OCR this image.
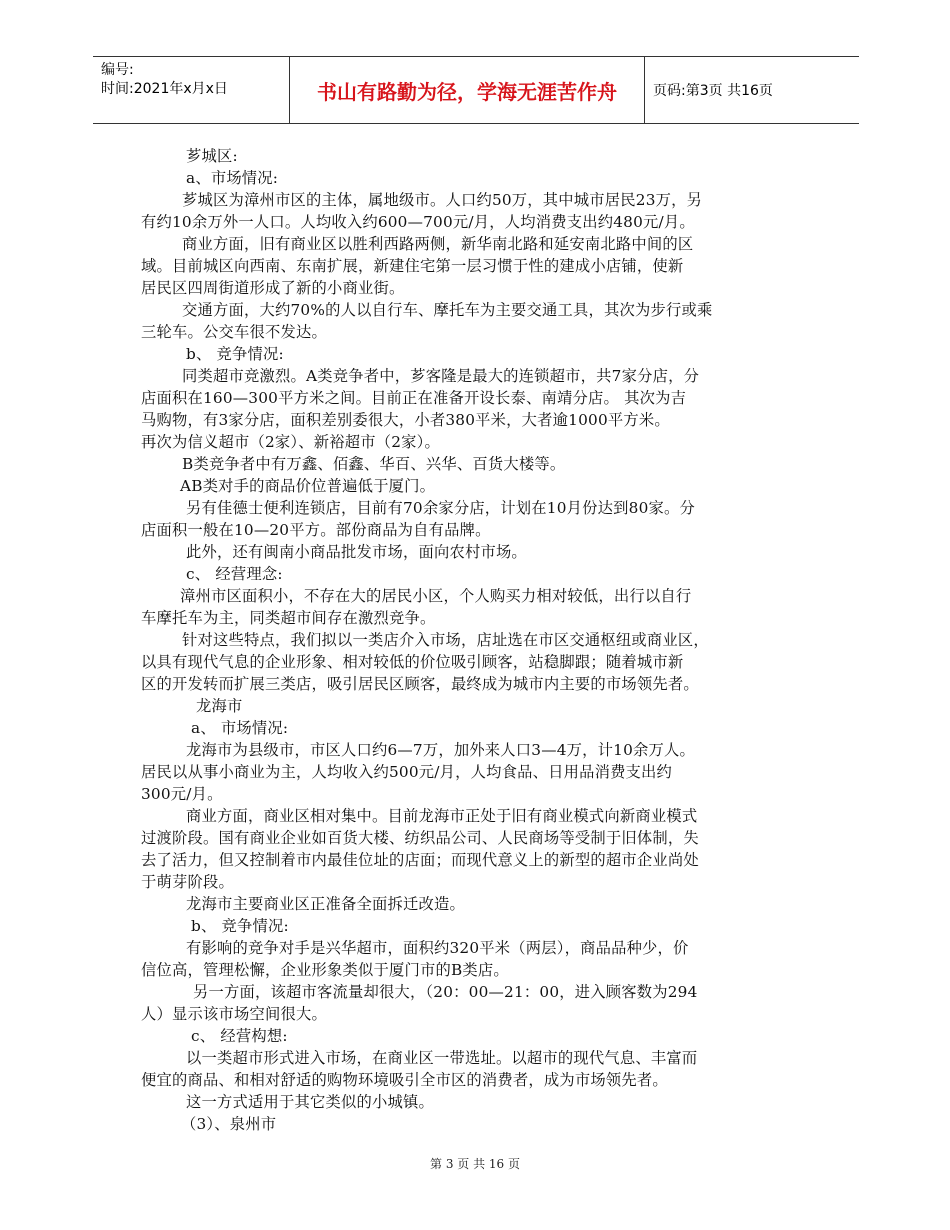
编号:
时间:2021年x月x日	书山有路勤为径，学海无涯苦作舟	页码:第3页 共16页
芗城区:
a、市场情况:
芗城区为漳州市区的主体，属地级市。人口约50万，其中城市居民23万，另
有约10余万外一人口。人均收入约600—700元/月，人均消费支出约480元/月。
商业方面，旧有商业区以胜利西路两侧，新华南北路和延安南北路中间的区
域。目前城区向西南、东南扩展，新建住宅第一层习惯于性的建成小店铺，使新
居民区四周街道形成了新的小商业街。
交通方面，大约70%的人以自行车、摩托车为主要交通工具，其次为步行或乘
三轮车。公交车很不发达。
b、 竞争情况:
同类超市竞激烈。A类竞争者中，芗客隆是最大的连锁超市，共7家分店，分
店面积在160—300平方米之间。目前正在准备开设长泰、南靖分店。 其次为吉
马购物，有3家分店，面积差别委很大，小者380平米，大者逾1000平方米。
再次为信义超市（2家）、新裕超市（2家）。
B类竞争者中有万鑫、佰鑫、华百、兴华、百货大楼等。
AB类对手的商品价位普遍低于厦门。
另有佳德士便利连锁店，目前有70余家分店，计划在10月份达到80家。分
店面积一般在10—20平方。部份商品为自有品牌。
此外，还有闽南小商品批发市场，面向农村市场。
c、 经营理念:
漳州市区面积小，不存在大的居民小区，个人购买力相对较低，出行以自行
车摩托车为主，同类超市间存在激烈竞争。
针对这些特点，我们拟以一类店介入市场，店址选在市区交通枢纽或商业区，
以具有现代气息的企业形象、相对较低的价位吸引顾客，站稳脚跟；随着城市新
区的开发转而扩展三类店，吸引居民区顾客，最终成为城市内主要的市场领先者。
龙海市
a、 市场情况:
龙海市为县级市，市区人口约6—7万，加外来人口3—4万，计10余万人。
居民以从事小商业为主，人均收入约500元/月，人均食品、日用品消费支出约
300元/月。
商业方面，商业区相对集中。目前龙海市正处于旧有商业模式向新商业模式
过渡阶段。国有商业企业如百货大楼、纺织品公司、人民商场等受制于旧体制，失
去了活力，但又控制着市内最佳位址的店面；而现代意义上的新型的超市企业尚处
于萌芽阶段。
龙海市主要商业区正准备全面拆迁改造。
b、 竞争情况:
有影响的竞争对手是兴华超市，面积约320平米（两层），商品品种少，价
信位高，管理松懈，企业形象类似于厦门市的B类店。
另一方面，该超市客流量却很大，（20：00—21：00，进入顾客数为294
人）显示该市场空间很大。
c、 经营构想:
以一类超市形式进入市场，在商业区一带选址。以超市的现代气息、丰富而
便宜的商品、和相对舒适的购物环境吸引全市区的消费者，成为市场领先者。
这一方式适用于其它类似的小城镇。
（3）、泉州市
第 3 页 共 16 页
